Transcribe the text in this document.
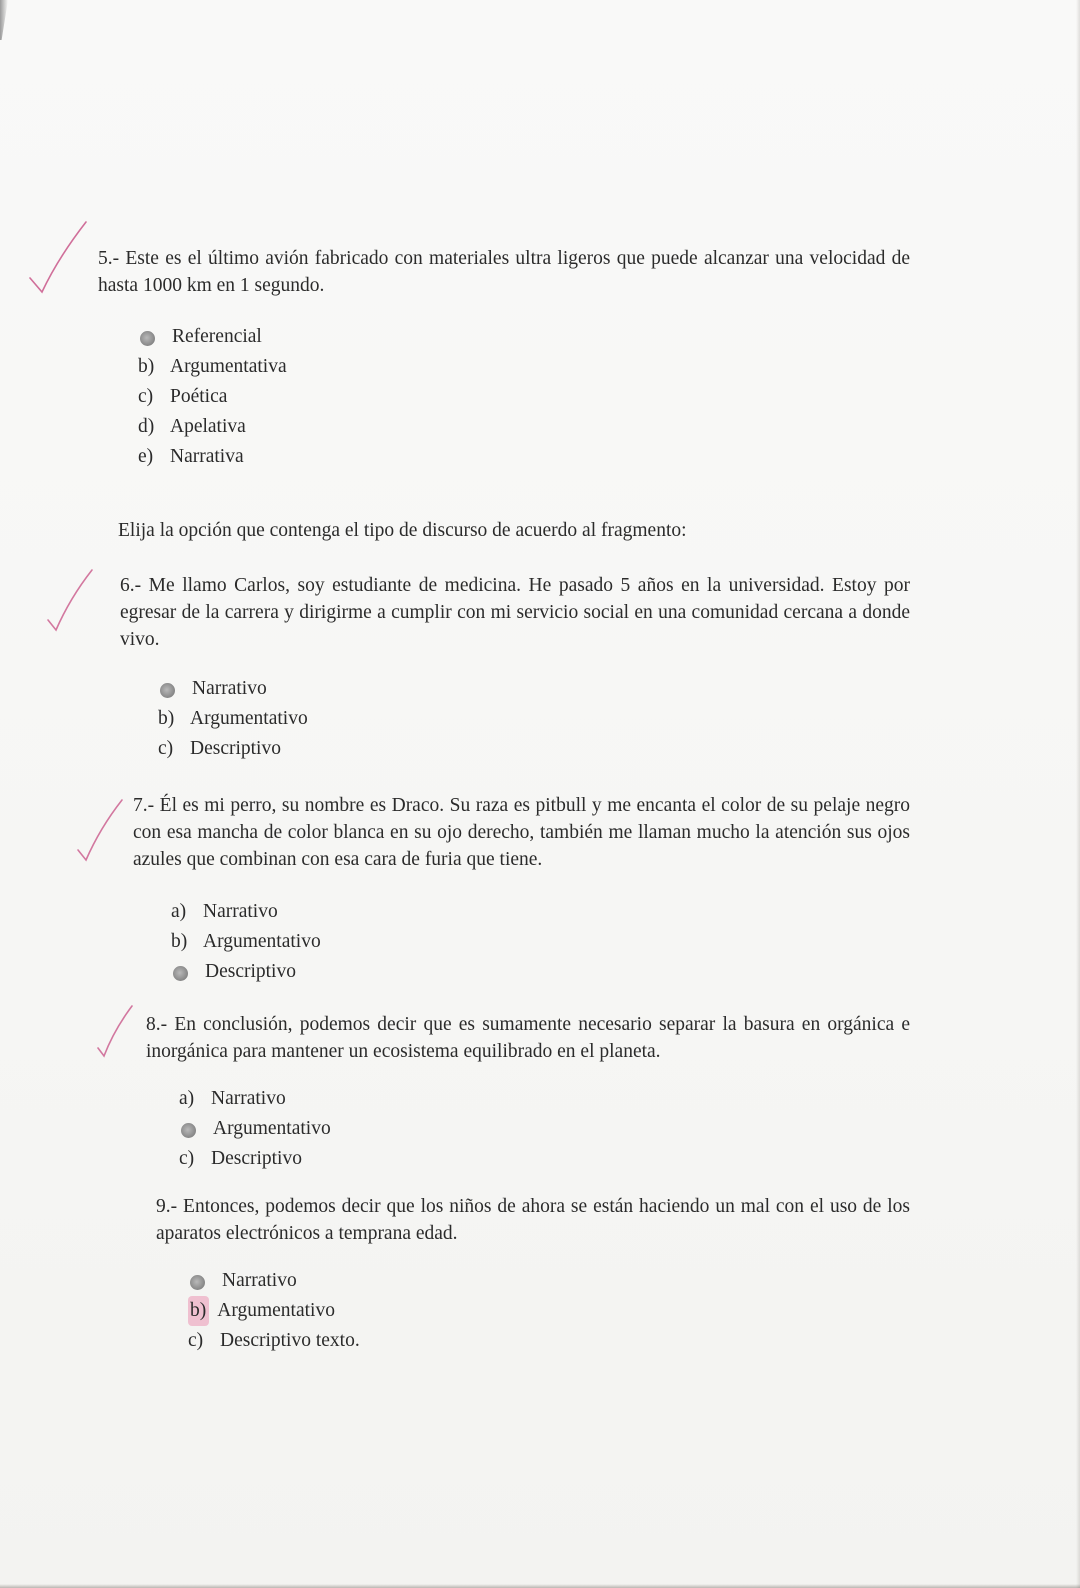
5.- Este es el último avión fabricado con materiales ultra ligeros que puede alcanzar una velocidad de hasta 1000 km en 1 segundo.

Referencial
b) Argumentativa
c) Poética
d) Apelativa
e) Narrativa

Elija la opción que contenga el tipo de discurso de acuerdo al fragmento:

6.- Me llamo Carlos, soy estudiante de medicina. He pasado 5 años en la universidad. Estoy por egresar de la carrera y dirigirme a cumplir con mi servicio social en una comunidad cercana a donde vivo.

Narrativo
b) Argumentativo
c) Descriptivo

7.- Él es mi perro, su nombre es Draco. Su raza es pitbull y me encanta el color de su pelaje negro con esa mancha de color blanca en su ojo derecho, también me llaman mucho la atención sus ojos azules que combinan con esa cara de furia que tiene.

a) Narrativo
b) Argumentativo
Descriptivo

8.- En conclusión, podemos decir que es sumamente necesario separar la basura en orgánica e inorgánica para mantener un ecosistema equilibrado en el planeta.

a) Narrativo
Argumentativo
c) Descriptivo

9.- Entonces, podemos decir que los niños de ahora se están haciendo un mal con el uso de los aparatos electrónicos a temprana edad.

Narrativo
b) Argumentativo
c) Descriptivo texto.
